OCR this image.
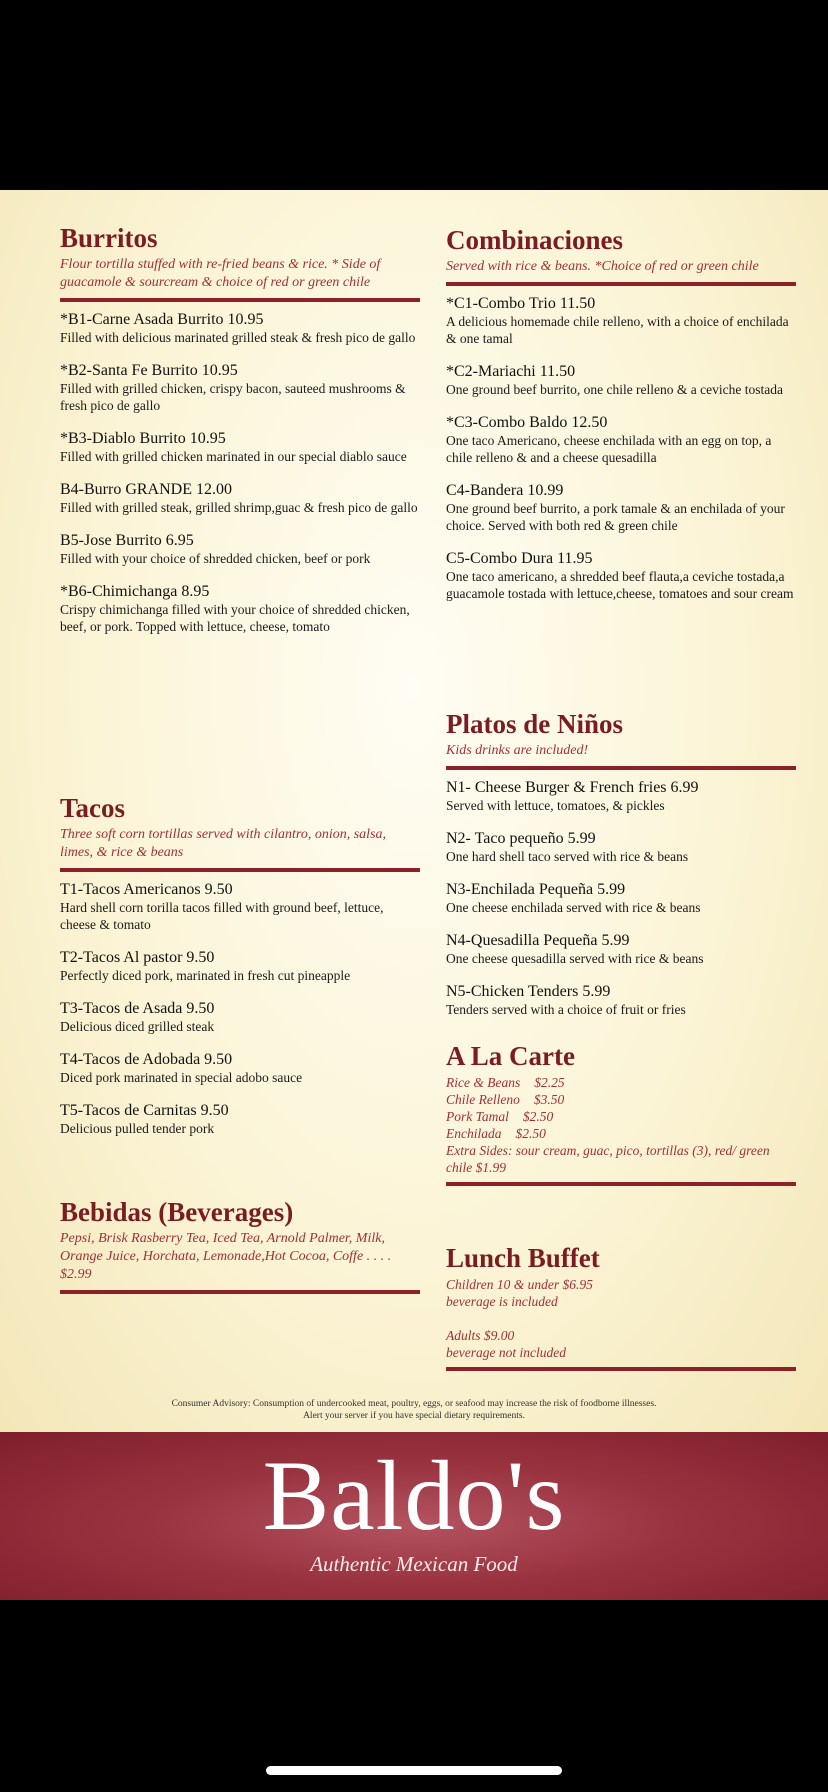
Burritos
Flour tortilla stuffed with re-fried beans & rice. * Side of guacamole & sourcream & choice of red or green chile
*B1-Carne Asada Burrito 10.95
Filled with delicious marinated grilled steak & fresh pico de gallo
*B2-Santa Fe Burrito 10.95
Filled with grilled chicken, crispy bacon, sauteed mushrooms & fresh pico de gallo
*B3-Diablo Burrito 10.95
Filled with grilled chicken marinated in our special diablo sauce
B4-Burro GRANDE 12.00
Filled with grilled steak, grilled shrimp,guac & fresh pico de gallo
B5-Jose Burrito 6.95
Filled with your choice of shredded chicken, beef or pork
*B6-Chimichanga 8.95
Crispy chimichanga filled with your choice of shredded chicken, beef, or pork. Topped with lettuce, cheese, tomato
Tacos
Three soft corn tortillas served with cilantro, onion, salsa, limes, & rice & beans
T1-Tacos Americanos 9.50
Hard shell corn torilla tacos filled with ground beef, lettuce, cheese & tomato
T2-Tacos Al pastor 9.50
Perfectly diced pork, marinated in fresh cut pineapple
T3-Tacos de Asada 9.50
Delicious diced grilled steak
T4-Tacos de Adobada 9.50
Diced pork marinated in special adobo sauce
T5-Tacos de Carnitas 9.50
Delicious pulled tender pork
Bebidas (Beverages)
Pepsi, Brisk Rasberry Tea, Iced Tea, Arnold Palmer, Milk, Orange Juice, Horchata, Lemonade,Hot Cocoa, Coffe . . . . $2.99
Combinaciones
Served with rice & beans. *Choice of red or green chile
*C1-Combo Trio 11.50
A delicious homemade chile relleno, with a choice of enchilada & one tamal
*C2-Mariachi 11.50
One ground beef burrito, one chile relleno & a ceviche tostada
*C3-Combo Baldo 12.50
One taco Americano, cheese enchilada with an egg on top, a chile relleno & and a cheese quesadilla
C4-Bandera 10.99
One ground beef burrito, a pork tamale & an enchilada of your choice. Served with both red & green chile
C5-Combo Dura 11.95
One taco americano, a shredded beef flauta,a ceviche tostada,a guacamole tostada with lettuce,cheese, tomatoes and sour cream
Platos de Niños
Kids drinks are included!
N1- Cheese Burger & French fries 6.99
Served with lettuce, tomatoes, & pickles
N2- Taco pequeño 5.99
One hard shell taco served with rice & beans
N3-Enchilada Pequeña 5.99
One cheese enchilada served with rice & beans
N4-Quesadilla Pequeña 5.99
One cheese quesadilla served with rice & beans
N5-Chicken Tenders 5.99
Tenders served with a choice of fruit or fries
A La Carte
Rice & Beans $2.25
Chile Relleno $3.50
Pork Tamal $2.50
Enchilada $2.50
Extra Sides: sour cream, guac, pico, tortillas (3), red/ green chile $1.99
Lunch Buffet
Children 10 & under $6.95
beverage is included
Adults $9.00
beverage not included
Consumer Advisory: Consumption of undercooked meat, poultry, eggs, or seafood may increase the risk of foodborne illnesses.
Alert your server if you have special dietary requirements.
Baldo's
Authentic Mexican Food
